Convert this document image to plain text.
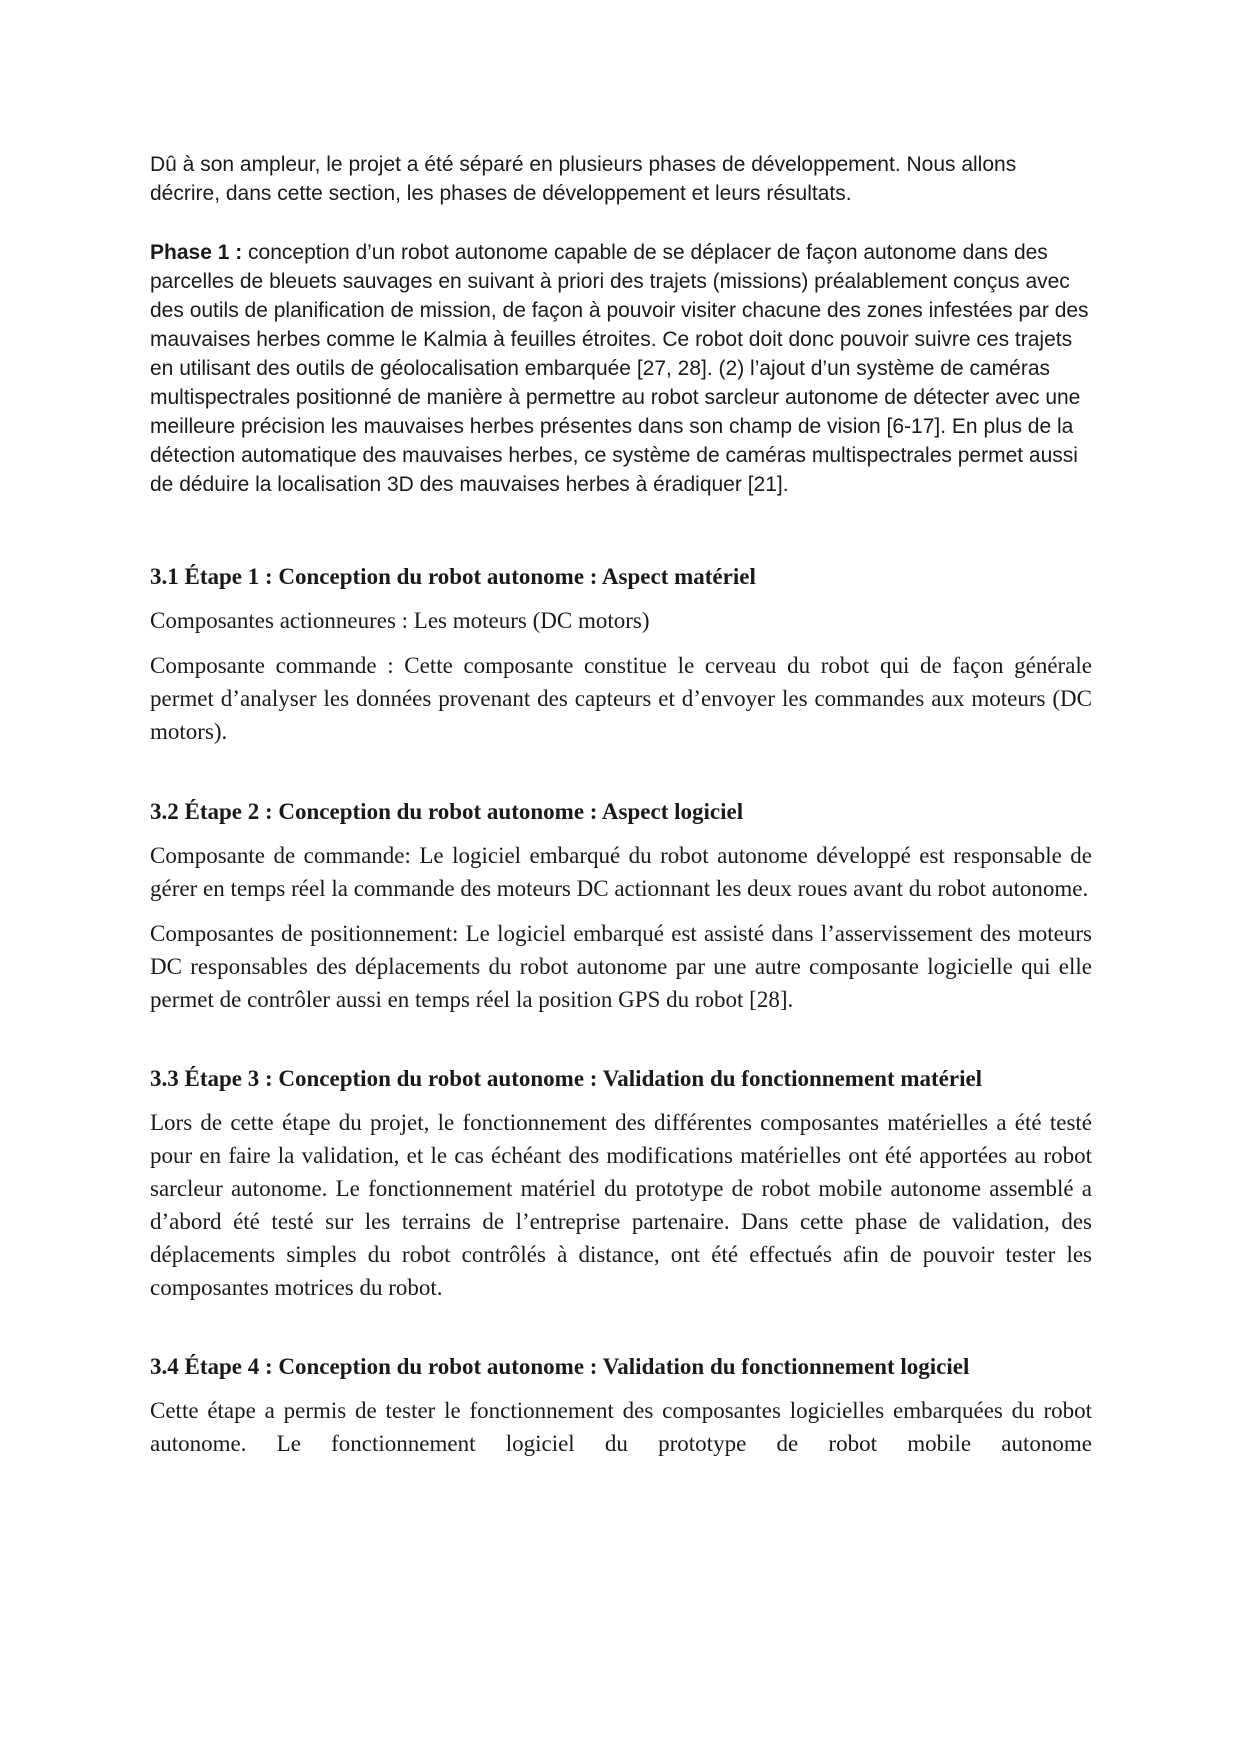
Dû à son ampleur, le projet a été séparé en plusieurs phases de développement. Nous allons décrire, dans cette section, les phases de développement et leurs résultats.

Phase 1 : conception d’un robot autonome capable de se déplacer de façon autonome dans des parcelles de bleuets sauvages en suivant à priori des trajets (missions) préalablement conçus avec des outils de planification de mission, de façon à pouvoir visiter chacune des zones infestées par des mauvaises herbes comme le Kalmia à feuilles étroites. Ce robot doit donc pouvoir suivre ces trajets en utilisant des outils de géolocalisation embarquée [27, 28]. (2) l’ajout d’un système de caméras multispectrales positionné de manière à permettre au robot sarcleur autonome de détecter avec une meilleure précision les mauvaises herbes présentes dans son champ de vision [6-17]. En plus de la détection automatique des mauvaises herbes, ce système de caméras multispectrales permet aussi de déduire la localisation 3D des mauvaises herbes à éradiquer [21].

3.1 Étape 1 : Conception du robot autonome : Aspect matériel

Composantes actionneures : Les moteurs (DC motors)

Composante commande : Cette composante constitue le cerveau du robot qui de façon générale permet d’analyser les données provenant des capteurs et d’envoyer les commandes aux moteurs (DC motors).

3.2 Étape 2 : Conception du robot autonome : Aspect logiciel

Composante de commande: Le logiciel embarqué du robot autonome développé est responsable de gérer en temps réel la commande des moteurs DC actionnant les deux roues avant du robot autonome.

Composantes de positionnement: Le logiciel embarqué est assisté dans l’asservissement des moteurs DC responsables des déplacements du robot autonome par une autre composante logicielle qui elle permet de contrôler aussi en temps réel la position GPS du robot [28].

3.3 Étape 3 : Conception du robot autonome : Validation du fonctionnement matériel

Lors de cette étape du projet, le fonctionnement des différentes composantes matérielles a été testé pour en faire la validation, et le cas échéant des modifications matérielles ont été apportées au robot sarcleur autonome. Le fonctionnement matériel du prototype de robot mobile autonome assemblé a d’abord été testé sur les terrains de l’entreprise partenaire. Dans cette phase de validation, des déplacements simples du robot contrôlés à distance, ont été effectués afin de pouvoir tester les composantes motrices du robot.

3.4 Étape 4 : Conception du robot autonome : Validation du fonctionnement logiciel

Cette étape a permis de tester le fonctionnement des composantes logicielles embarquées du robot autonome. Le fonctionnement logiciel du prototype de robot mobile autonome
